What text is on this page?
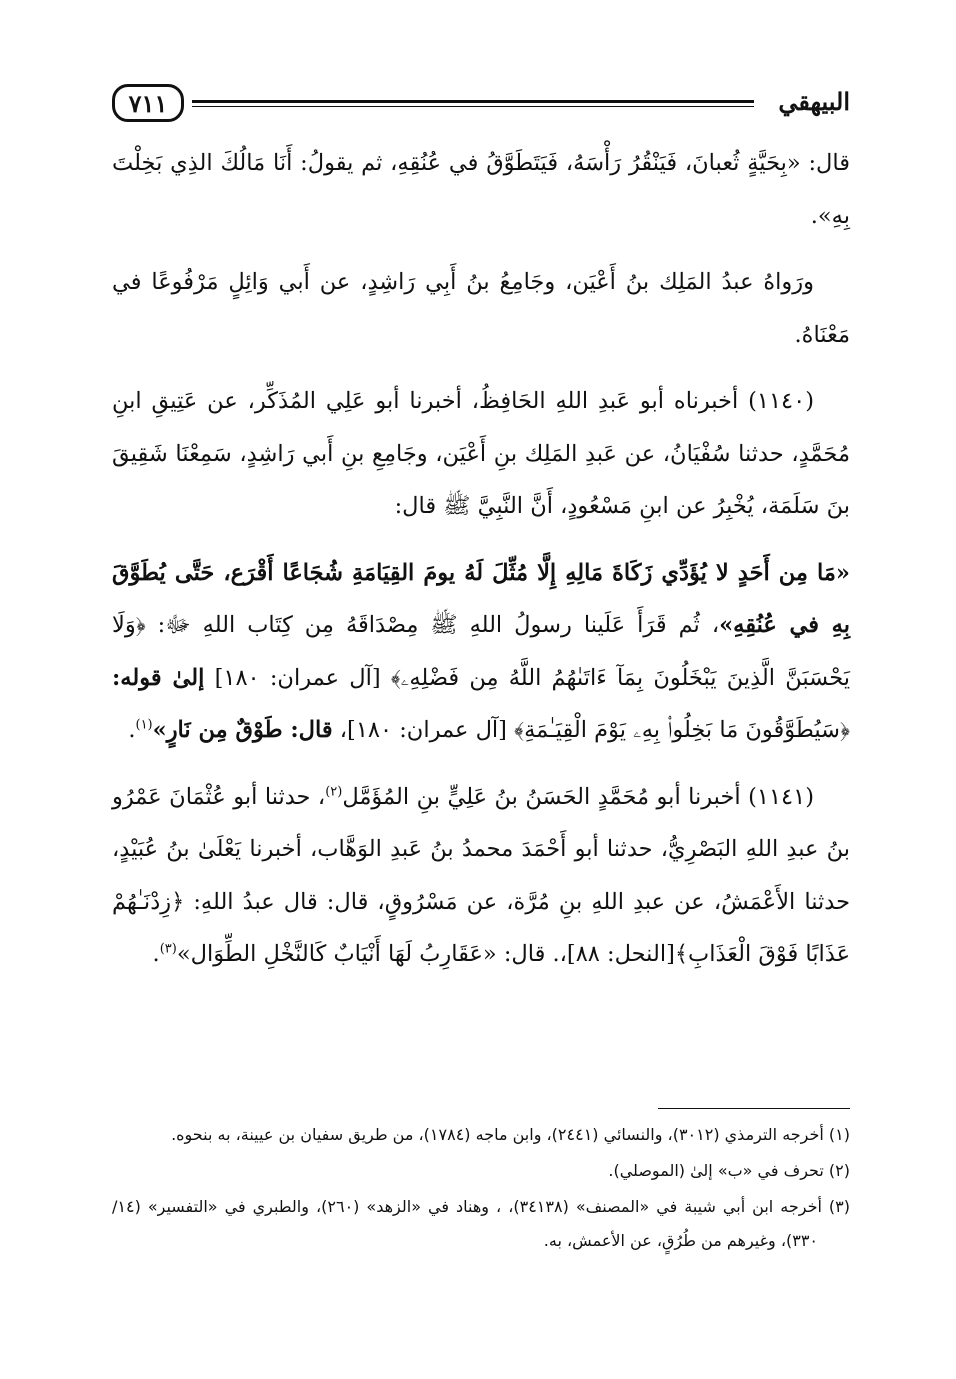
٧١١	البيهقي

قال: «بِحَيَّةٍ ثُعبانَ، فَيَنْقُرُ رَأْسَهُ، فَيَتَطَوَّقُ في عُنُقِهِ، ثم يقولُ: أَنَا مَالُكَ الذِي بَخِلْتَ بِهِ».

ورَواهُ عبدُ المَلِك بنُ أَعْيَن، وجَامِعُ بنُ أَبِي رَاشِدٍ، عن أَبي وَائِلٍ مَرْفُوعًا في مَعْنَاهُ.

(١١٤٠) أخبرناه أبو عَبدِ اللهِ الحَافِظُ، أخبرنا أبو عَلِي المُذَكِّر، عن عَتِيقِ ابنِ مُحَمَّدٍ، حدثنا سُفْيَانُ، عن عَبدِ المَلِك بنِ أَعْيَن، وجَامِعِ بنِ أَبي رَاشِدٍ، سَمِعْنَا شَقِيقَ بنَ سَلَمَة، يُخْبِرُ عن ابنِ مَسْعُودٍ، أَنَّ النَّبِيَّ ﷺ قال:

«مَا مِن أَحَدٍ لا يُؤَدِّي زَكَاةَ مَالِهِ إِلَّا مُثِّلَ لَهُ يومَ القِيَامَةِ شُجَاعًا أَقْرَع، حَتَّى يُطَوَّقَ بِهِ في عُنُقِهِ»، ثُم قَرَأَ عَلَينا رسولُ اللهِ ﷺ مِصْدَاقَهُ مِن كِتَاب اللهِ ﷻ: ﴿وَلَا يَحْسَبَنَّ الَّذِينَ يَبْخَلُونَ بِمَآ ءَاتَىٰهُمُ اللَّهُ مِن فَضْلِهِۦ﴾ [آل عمران: ١٨٠] إلىٰ قوله: ﴿سَيُطَوَّقُونَ مَا بَخِلُوا۟ بِهِۦ يَوْمَ الْقِيَـٰمَةِ﴾ [آل عمران: ١٨٠]، قال: طَوْقٌ مِن نَارٍ»$^{(١)}$.

(١١٤١) أخبرنا أبو مُحَمَّدٍ الحَسَنُ بنُ عَلِيٍّ بنِ المُؤَمَّل$^{(٢)}$، حدثنا أبو عُثْمَانَ عَمْرُو بنُ عبدِ اللهِ البَصْرِيُّ، حدثنا أبو أَحْمَدَ محمدُ بنُ عَبدِ الوَهَّاب، أخبرنا يَعْلَىٰ بنُ عُبَيْدٍ، حدثنا الأَعْمَشُ، عن عبدِ اللهِ بنِ مُرَّة، عن مَسْرُوقٍ، قال: قال عبدُ اللهِ: ﴿زِدْنَـٰهُمْ عَذَابًا فَوْقَ الْعَذَابِ﴾[النحل: ٨٨]،. قال: «عَقَارِبُ لَهَا أَنْيَابٌ كَالنَّخْلِ الطِّوَال»$^{(٣)}$.

(١) أخرجه الترمذي (٣٠١٢)، والنسائي (٢٤٤١)، وابن ماجه (١٧٨٤)، من طريق سفيان بن عيينة، به بنحوه.

(٢) تحرف في «ب» إلىٰ (الموصلي).

(٣) أخرجه ابن أبي شيبة في «المصنف» (٣٤١٣٨)، ، وهناد في «الزهد» (٢٦٠)، والطبري في «التفسير» (١٤/ ٣٣٠)، وغيرهم من طُرُقٍ، عن الأعمش، به.
